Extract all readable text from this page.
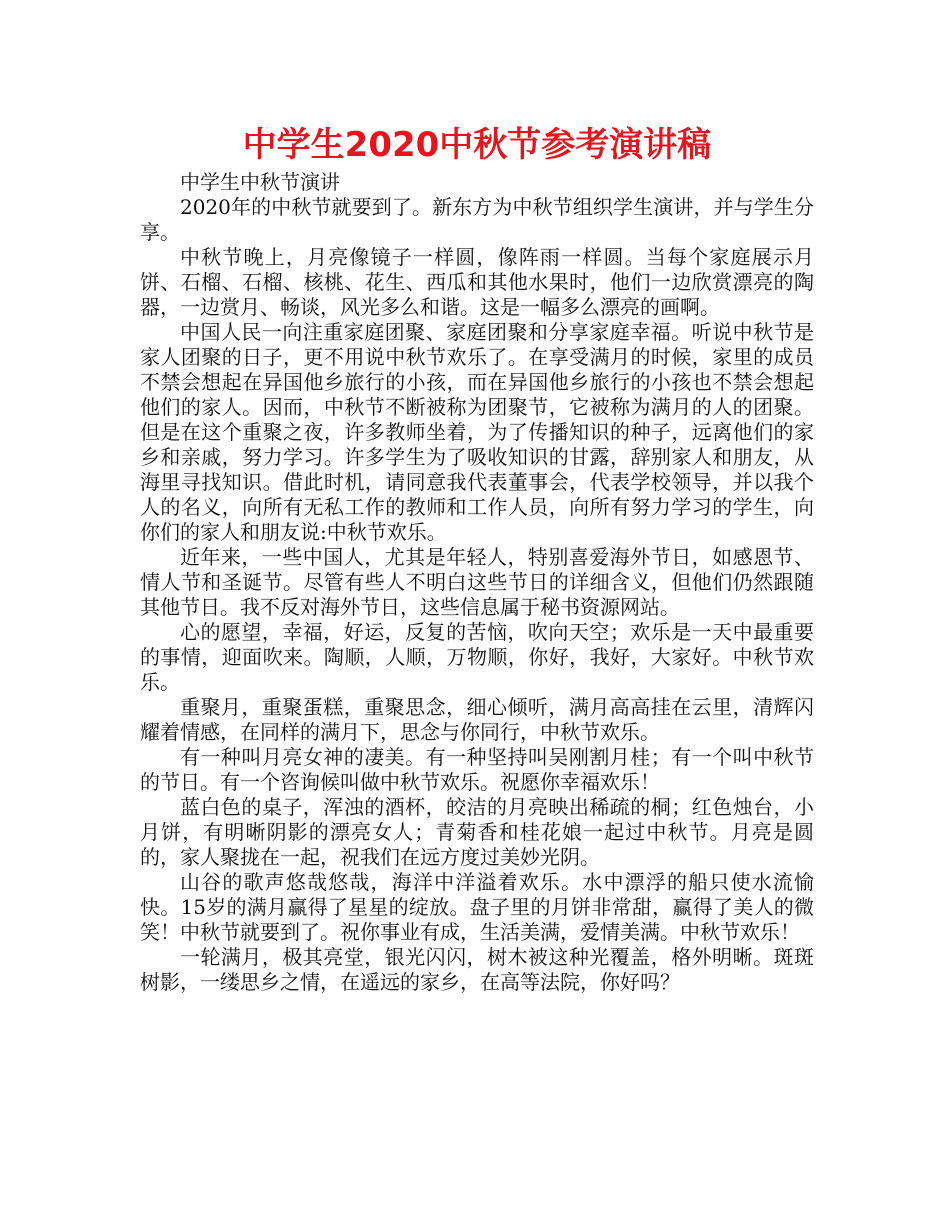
中学生2020中秋节参考演讲稿

中学生中秋节演讲

2020年的中秋节就要到了。新东方为中秋节组织学生演讲，并与学生分享。

中秋节晚上，月亮像镜子一样圆，像阵雨一样圆。当每个家庭展示月饼、石榴、石榴、核桃、花生、西瓜和其他水果时，他们一边欣赏漂亮的陶器，一边赏月、畅谈，风光多么和谐。这是一幅多么漂亮的画啊。

中国人民一向注重家庭团聚、家庭团聚和分享家庭幸福。听说中秋节是家人团聚的日子，更不用说中秋节欢乐了。在享受满月的时候，家里的成员不禁会想起在异国他乡旅行的小孩，而在异国他乡旅行的小孩也不禁会想起他们的家人。因而，中秋节不断被称为团聚节，它被称为满月的人的团聚。但是在这个重聚之夜，许多教师坐着，为了传播知识的种子，远离他们的家乡和亲戚，努力学习。许多学生为了吸收知识的甘露，辞别家人和朋友，从海里寻找知识。借此时机，请同意我代表董事会，代表学校领导，并以我个人的名义，向所有无私工作的教师和工作人员，向所有努力学习的学生，向你们的家人和朋友说:中秋节欢乐。

近年来，一些中国人，尤其是年轻人，特别喜爱海外节日，如感恩节、情人节和圣诞节。尽管有些人不明白这些节日的详细含义，但他们仍然跟随其他节日。我不反对海外节日，这些信息属于秘书资源网站。

心的愿望，幸福，好运，反复的苦恼，吹向天空；欢乐是一天中最重要的事情，迎面吹来。陶顺，人顺，万物顺，你好，我好，大家好。中秋节欢乐。

重聚月，重聚蛋糕，重聚思念，细心倾听，满月高高挂在云里，清辉闪耀着情感，在同样的满月下，思念与你同行，中秋节欢乐。

有一种叫月亮女神的凄美。有一种坚持叫吴刚割月桂；有一个叫中秋节的节日。有一个咨询候叫做中秋节欢乐。祝愿你幸福欢乐！

蓝白色的桌子，浑浊的酒杯，皎洁的月亮映出稀疏的桐；红色烛台，小月饼，有明晰阴影的漂亮女人；青菊香和桂花娘一起过中秋节。月亮是圆的，家人聚拢在一起，祝我们在远方度过美妙光阴。

山谷的歌声悠哉悠哉，海洋中洋溢着欢乐。水中漂浮的船只使水流愉快。15岁的满月赢得了星星的绽放。盘子里的月饼非常甜，赢得了美人的微笑！中秋节就要到了。祝你事业有成，生活美满，爱情美满。中秋节欢乐！

一轮满月，极其亮堂，银光闪闪，树木被这种光覆盖，格外明晰。斑斑树影，一缕思乡之情，在遥远的家乡，在高等法院，你好吗？
